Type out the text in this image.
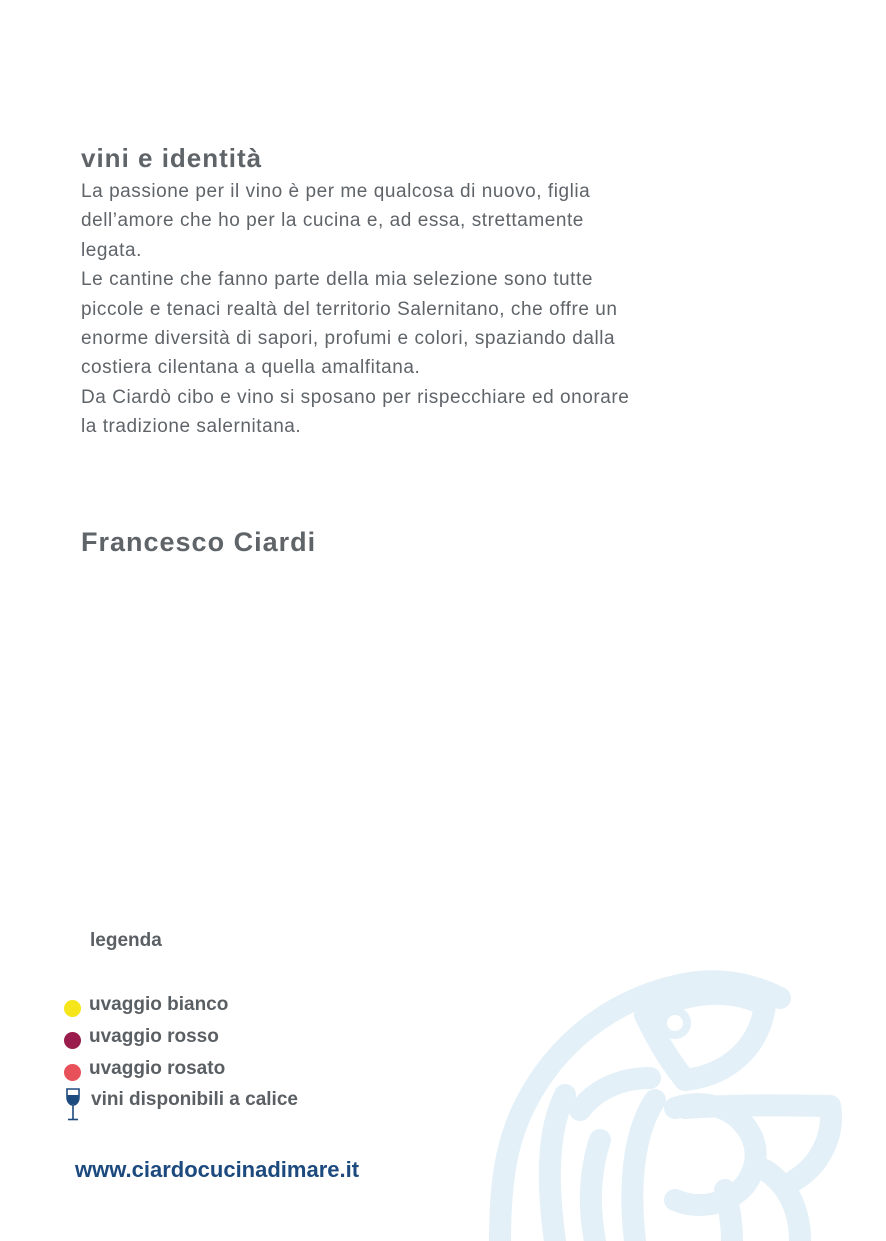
vini e identità

La passione per il vino è per me qualcosa di nuovo, figlia dell’amore che ho per la cucina e, ad essa, strettamente legata.

Le cantine che fanno parte della mia selezione sono tutte piccole e tenaci realtà del territorio Salernitano, che offre un enorme diversità di sapori, profumi e colori, spaziando dalla costiera cilentana a quella amalfitana.

Da Ciardò cibo e vino si sposano per rispecchiare ed onorare la tradizione salernitana.

Francesco Ciardi
legenda
uvaggio bianco
uvaggio rosso
uvaggio rosato
vini disponibili a calice
www.ciardocucinadimare.it
